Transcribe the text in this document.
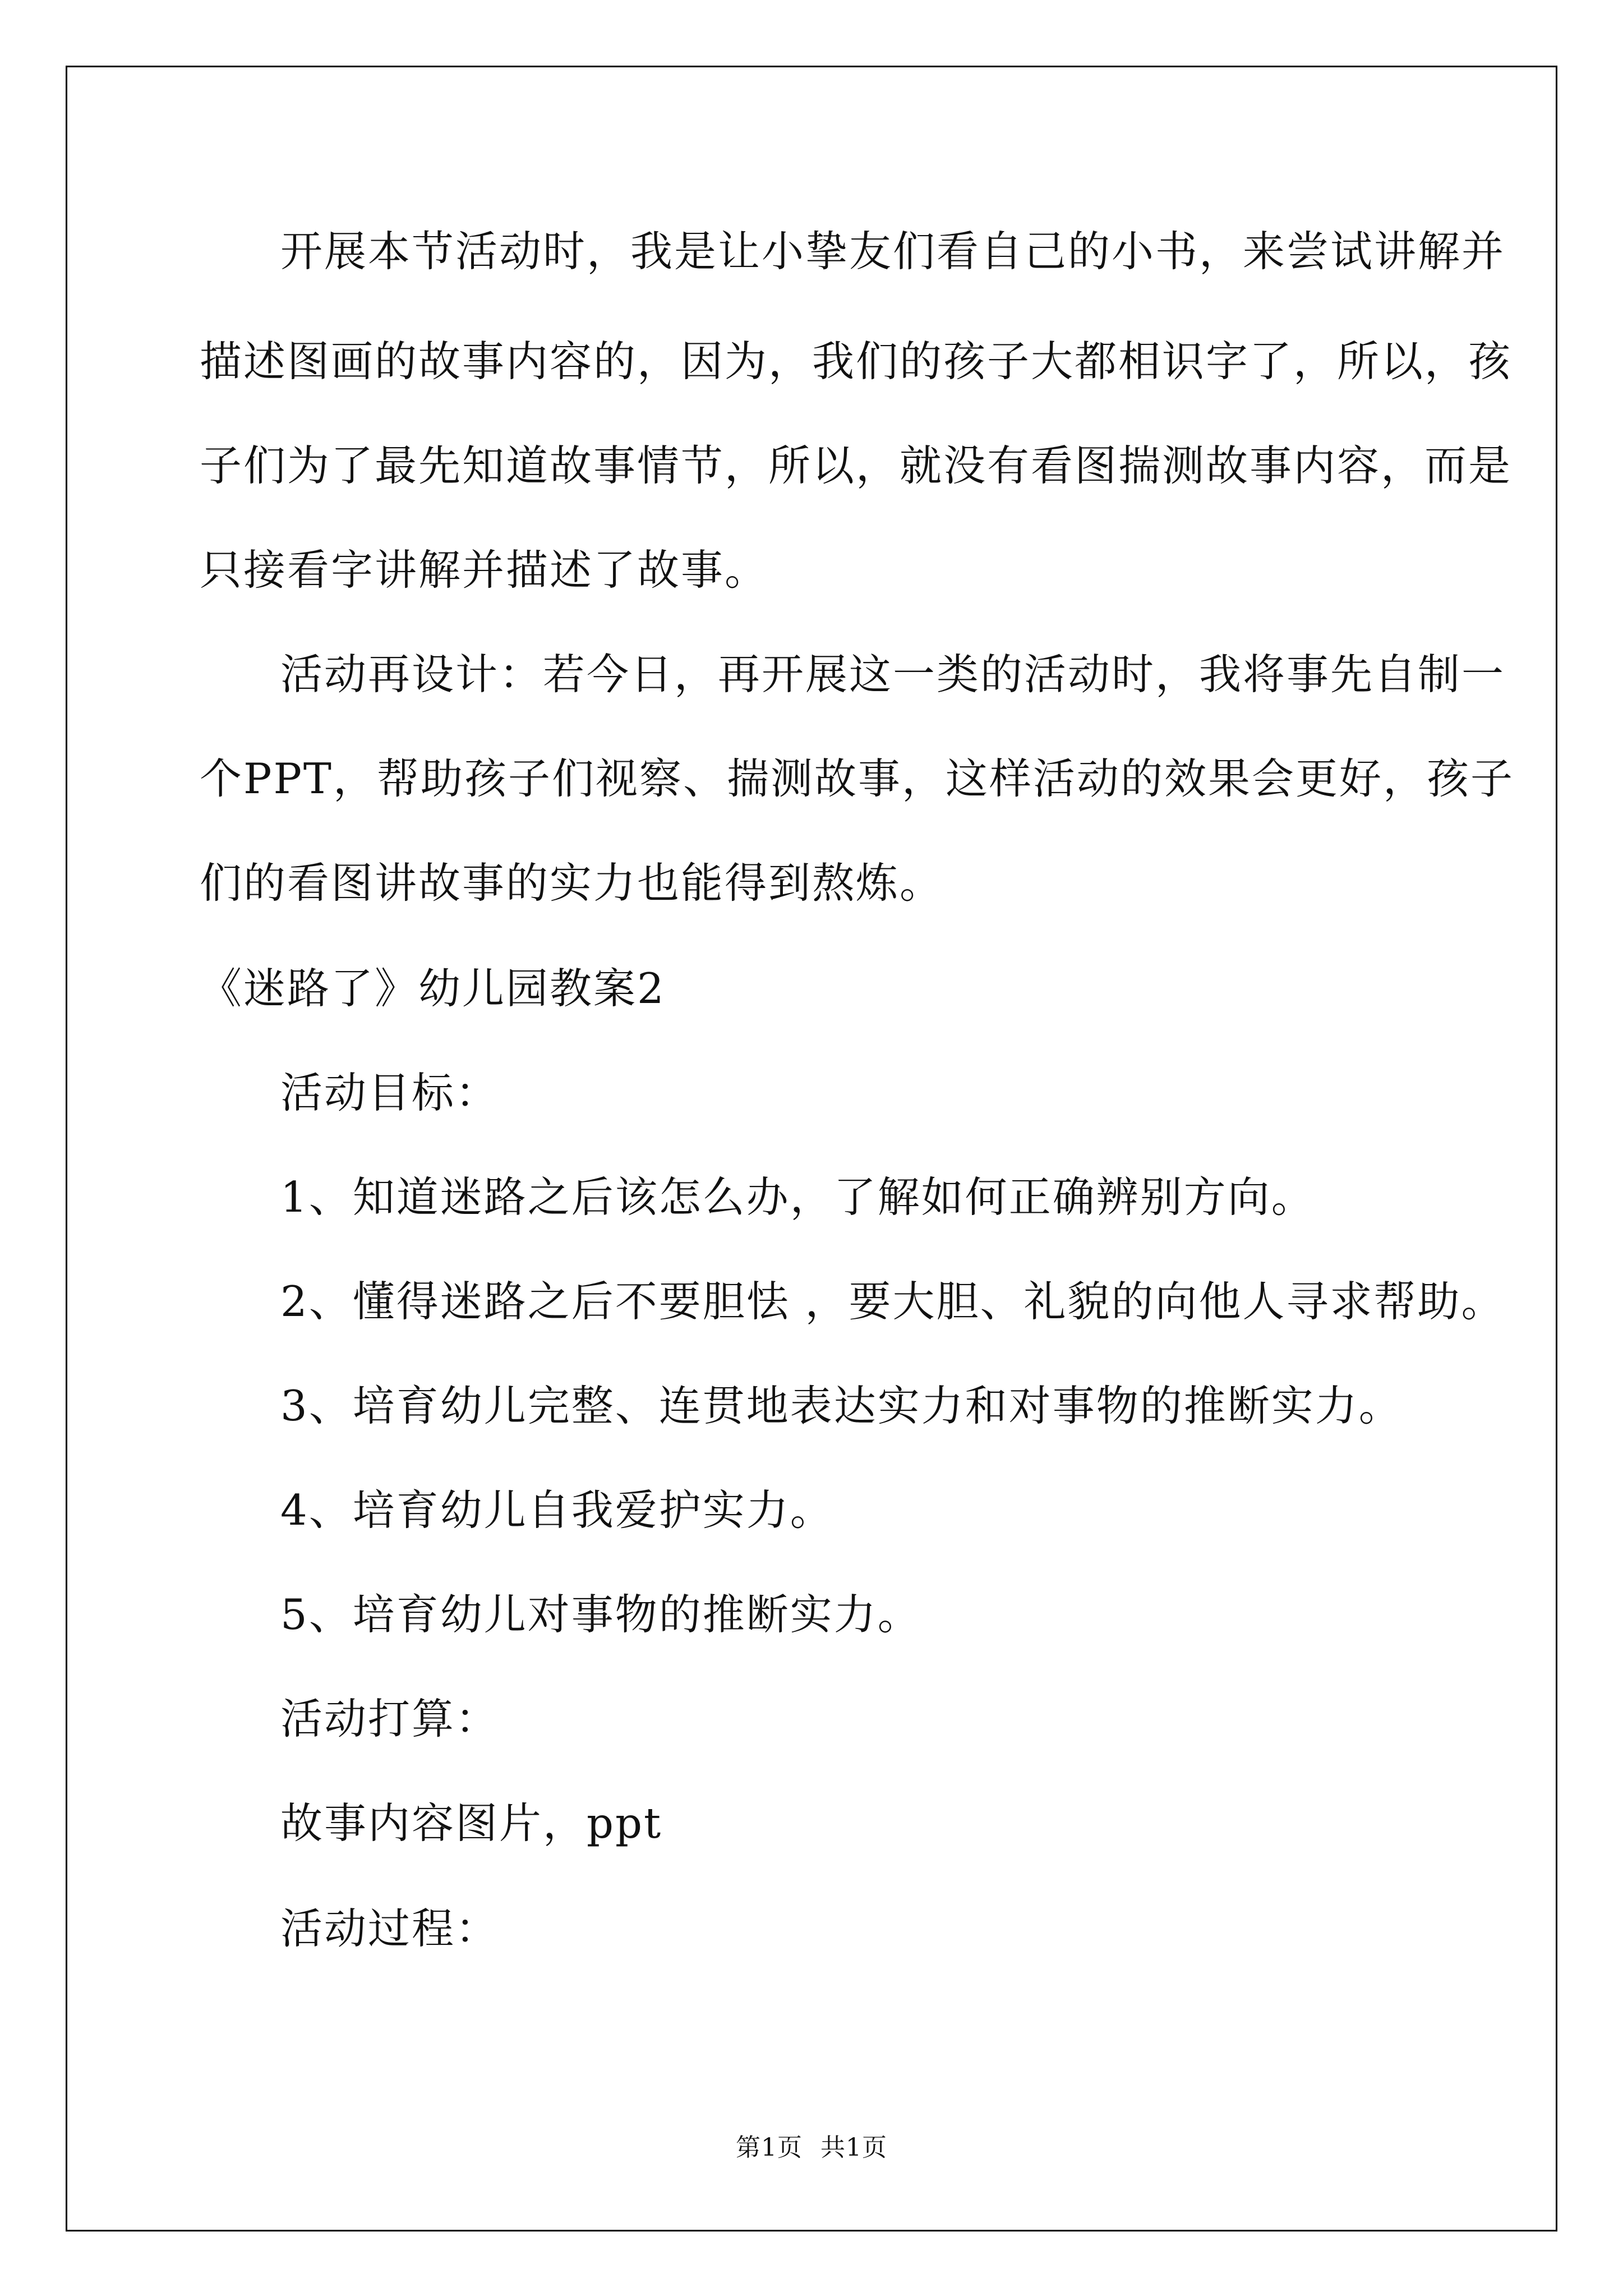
开展本节活动时，我是让小挚友们看自己的小书，来尝试讲解并
描述图画的故事内容的，因为，我们的孩子大都相识字了，所以，孩
子们为了最先知道故事情节，所以，就没有看图揣测故事内容，而是
只接看字讲解并描述了故事。
活动再设计：若今日，再开展这一类的活动时，我将事先自制一
个PPT，帮助孩子们视察、揣测故事，这样活动的效果会更好，孩子
们的看图讲故事的实力也能得到熬炼。
《迷路了》幼儿园教案2
活动目标：
1、知道迷路之后该怎么办，了解如何正确辨别方向。
2、懂得迷路之后不要胆怯 ，要大胆、礼貌的向他人寻求帮助。
3、培育幼儿完整、连贯地表达实力和对事物的推断实力。
4、培育幼儿自我爱护实力。
5、培育幼儿对事物的推断实力。
活动打算：
故事内容图片，ppt
活动过程：
第1页 共1页
